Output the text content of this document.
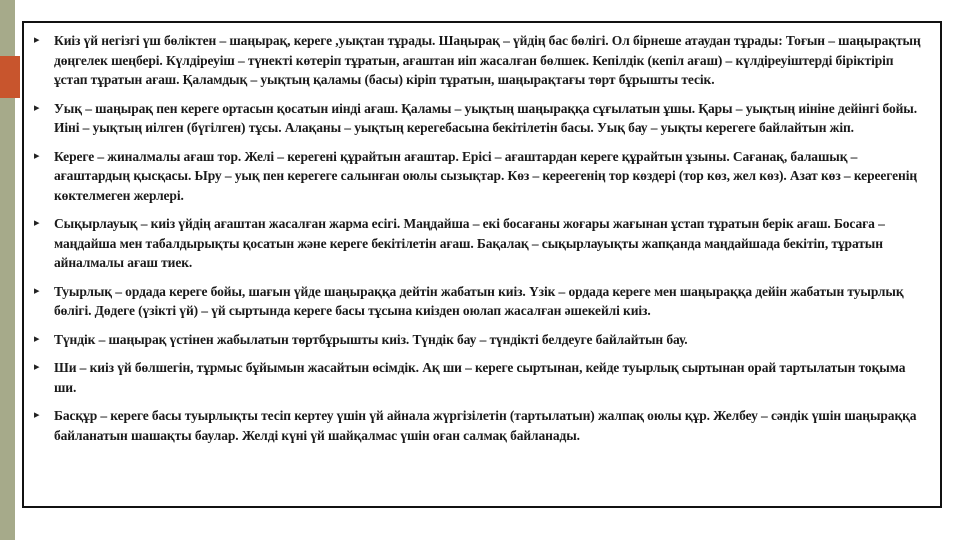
▸	Киіз үй негізгі үш бөліктен – шаңырақ, кереге ,уықтан тұрады. Шаңырақ – үйдің бас бөлігі. Ол бірнеше атаудан тұрады: Тоғын – шаңырақтың дөңгелек шеңбері. Күлдіреуіш – түнекті көтеріп тұратын, ағаштан иіп жасалған бөлшек. Кепілдік (кепіл ағаш) – күлдіреуіштерді біріктіріп ұстап тұратын ағаш. Қаламдық – уықтың қаламы (басы) кіріп тұратын, шаңырақтағы төрт бұрышты тесік.
▸	Уық – шаңырақ пен кереге ортасын қосатын иінді ағаш. Қаламы – уықтың шаңыраққа сұғылатын ұшы. Қары – уықтың иініне дейінгі бойы. Иіні – уықтың иілген (бүгілген) тұсы. Алақаны – уықтың керегебасына бекітілетін басы. Уық бау – уықты керегеге байлайтын жіп.
▸	Кереге – жиналмалы ағаш тор. Желі – керегені құрайтын ағаштар. Ерісі – ағаштардан кереге құрайтын ұзыны. Сағанақ, балашық – ағаштардың қысқасы. Ыру – уық пен керегеге салынған оюлы сызықтар. Көз – кереегенің тор көздері (тор көз, жел көз). Азат көз – кереегенің көктелмеген жерлері.
▸	Сықырлауық – киіз үйдің ағаштан жасалған жарма есігі. Маңдайша – екі босағаны жоғары жағынан ұстап тұратын берік ағаш. Босаға – маңдайша мен табалдырықты қосатын және кереге бекітілетін ағаш. Бақалақ – сықырлауықты жапқанда маңдайшада бекітіп, тұратын айналмалы ағаш тиек.
▸	Туырлық – ордада кереге бойы, шағын үйде шаңыраққа дейтін жабатын киіз. Үзік – ордада кереге мен шаңыраққа дейін жабатын туырлық бөлігі. Дөдеге (үзікті үй) – үй сыртында кереге басы тұсына киізден оюлап жасалған әшекейлі киіз.
▸	Түндік – шаңырақ үстінен жабылатын төртбұрышты киіз. Түндік бау – түндікті белдеуге байлайтын бау.
▸	Ши – киіз үй бөлшегін, тұрмыс бұйымын жасайтын өсімдік. Ақ ши – кереге сыртынан, кейде туырлық сыртынан орай тартылатын тоқыма ши.
▸	Басқұр – кереге басы туырлықты тесіп кертеу үшін үй айнала жүргізілетін (тартылатын) жалпақ оюлы құр. Желбеу – сәндік үшін шаңыраққа байланатын шашақты баулар. Желді күні үй шайқалмас үшін оған салмақ байланады.
